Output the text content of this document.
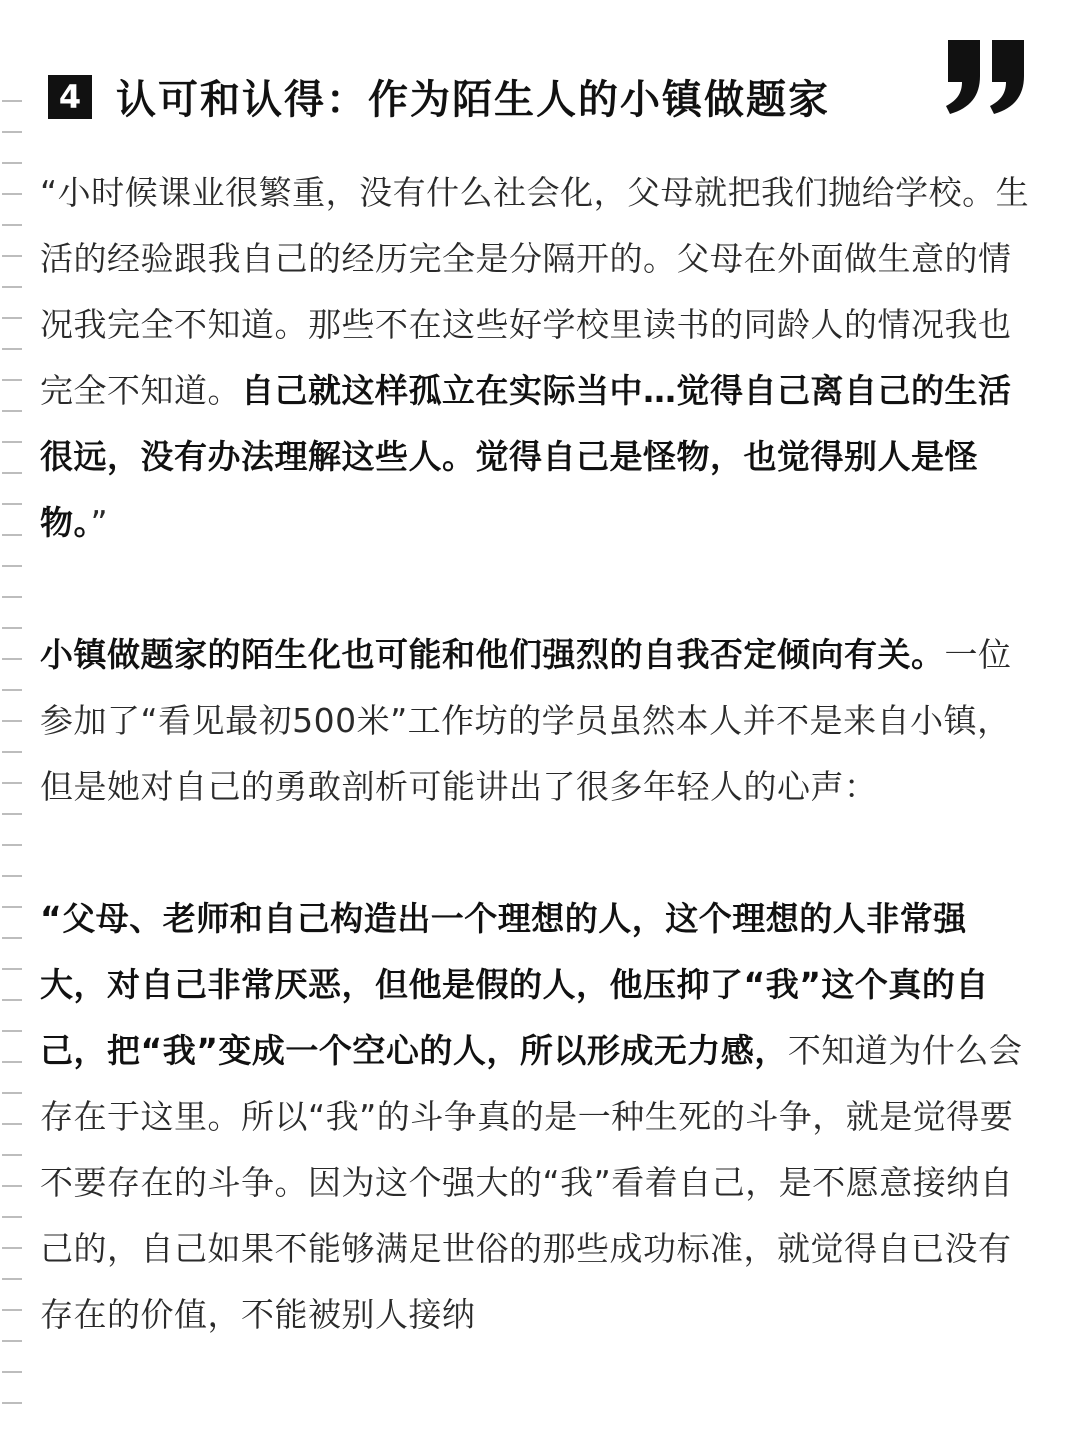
4 认可和认得：作为陌生人的小镇做题家

“小时候课业很繁重，没有什么社会化，父母就把我们抛给学校。生活的经验跟我自己的经历完全是分隔开的。父母在外面做生意的情况我完全不知道。那些不在这些好学校里读书的同龄人的情况我也完全不知道。自己就这样孤立在实际当中…觉得自己离自己的生活很远，没有办法理解这些人。觉得自己是怪物，也觉得别人是怪物。”

小镇做题家的陌生化也可能和他们强烈的自我否定倾向有关。一位参加了“看见最初500米”工作坊的学员虽然本人并不是来自小镇，但是她对自己的勇敢剖析可能讲出了很多年轻人的心声：

“父母、老师和自己构造出一个理想的人，这个理想的人非常强大，对自己非常厌恶，但他是假的人，他压抑了“我”这个真的自己，把“我”变成一个空心的人，所以形成无力感，不知道为什么会存在于这里。所以“我”的斗争真的是一种生死的斗争，就是觉得要不要存在的斗争。因为这个强大的“我”看着自己，是不愿意接纳自己的，自己如果不能够满足世俗的那些成功标准，就觉得自已没有存在的价值，不能被别人接纳
